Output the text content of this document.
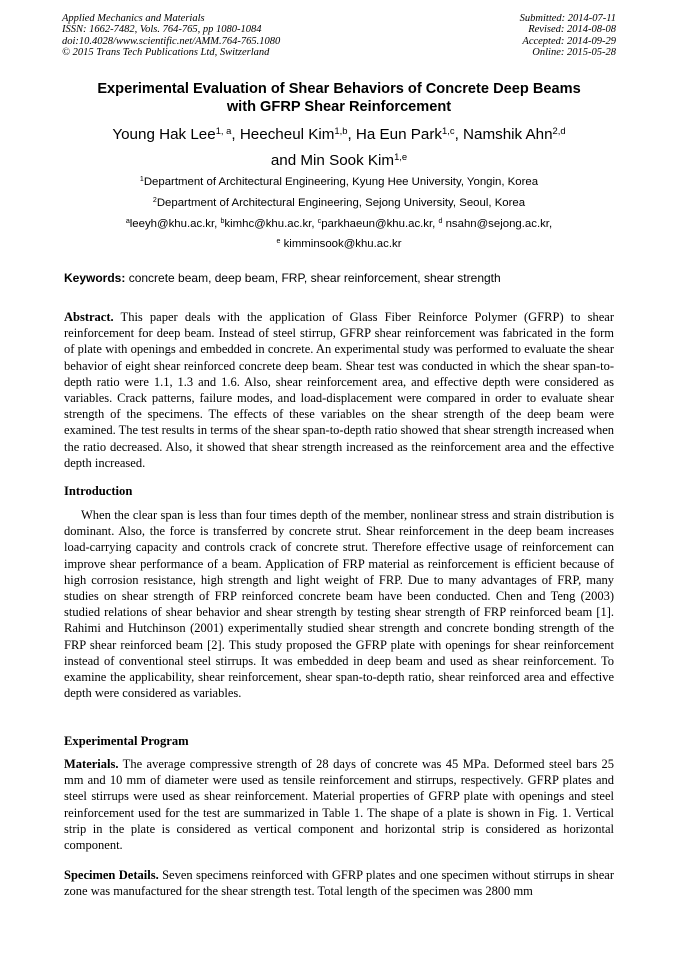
Applied Mechanics and Materials
ISSN: 1662-7482, Vols. 764-765, pp 1080-1084
doi:10.4028/www.scientific.net/AMM.764-765.1080
© 2015 Trans Tech Publications Ltd, Switzerland
Submitted: 2014-07-11
Revised: 2014-08-08
Accepted: 2014-09-29
Online: 2015-05-28
Experimental Evaluation of Shear Behaviors of Concrete Deep Beams
with GFRP Shear Reinforcement
Young Hak Lee$^{1, a}$, Heecheul Kim$^{1,b}$, Ha Eun Park$^{1,c}$, Namshik Ahn$^{2,d}$
and Min Sook Kim$^{1,e}$
$^1$Department of Architectural Engineering, Kyung Hee University, Yongin, Korea
$^2$Department of Architectural Engineering, Sejong University, Seoul, Korea
$^a$leeyh@khu.ac.kr, $^b$kimhc@khu.ac.kr, $^c$parkhaeun@khu.ac.kr, $^d$ nsahn@sejong.ac.kr,
$^e$ kimminsook@khu.ac.kr
Keywords: concrete beam, deep beam, FRP, shear reinforcement, shear strength

Abstract. This paper deals with the application of Glass Fiber Reinforce Polymer (GFRP) to shear reinforcement for deep beam. Instead of steel stirrup, GFRP shear reinforcement was fabricated in the form of plate with openings and embedded in concrete. An experimental study was performed to evaluate the shear behavior of eight shear reinforced concrete deep beam. Shear test was conducted in which the shear span-to-depth ratio were 1.1, 1.3 and 1.6. Also, shear reinforcement area, and effective depth were considered as variables. Crack patterns, failure modes, and load-displacement were compared in order to evaluate shear strength of the specimens. The effects of these variables on the shear strength of the deep beam were examined. The test results in terms of the shear span-to-depth ratio showed that shear strength increased when the ratio decreased. Also, it showed that shear strength increased as the reinforcement area and the effective depth increased.

Introduction

When the clear span is less than four times depth of the member, nonlinear stress and strain distribution is dominant. Also, the force is transferred by concrete strut. Shear reinforcement in the deep beam increases load-carrying capacity and controls crack of concrete strut. Therefore effective usage of reinforcement can improve shear performance of a beam. Application of FRP material as reinforcement is efficient because of high corrosion resistance, high strength and light weight of FRP. Due to many advantages of FRP, many studies on shear strength of FRP reinforced concrete beam have been conducted. Chen and Teng (2003) studied relations of shear behavior and shear strength by testing shear strength of FRP reinforced beam [1]. Rahimi and Hutchinson (2001) experimentally studied shear strength and concrete bonding strength of the FRP shear reinforced beam [2]. This study proposed the GFRP plate with openings for shear reinforcement instead of conventional steel stirrups. It was embedded in deep beam and used as shear reinforcement. To examine the applicability, shear reinforcement, shear span-to-depth ratio, shear reinforced area and effective depth were considered as variables.

Experimental Program

Materials. The average compressive strength of 28 days of concrete was 45 MPa. Deformed steel bars 25 mm and 10 mm of diameter were used as tensile reinforcement and stirrups, respectively. GFRP plates and steel stirrups were used as shear reinforcement. Material properties of GFRP plate with openings and steel reinforcement used for the test are summarized in Table 1. The shape of a plate is shown in Fig. 1. Vertical strip in the plate is considered as vertical component and horizontal strip is considered as horizontal component.

Specimen Details. Seven specimens reinforced with GFRP plates and one specimen without stirrups in shear zone was manufactured for the shear strength test. Total length of the specimen was 2800 mm
